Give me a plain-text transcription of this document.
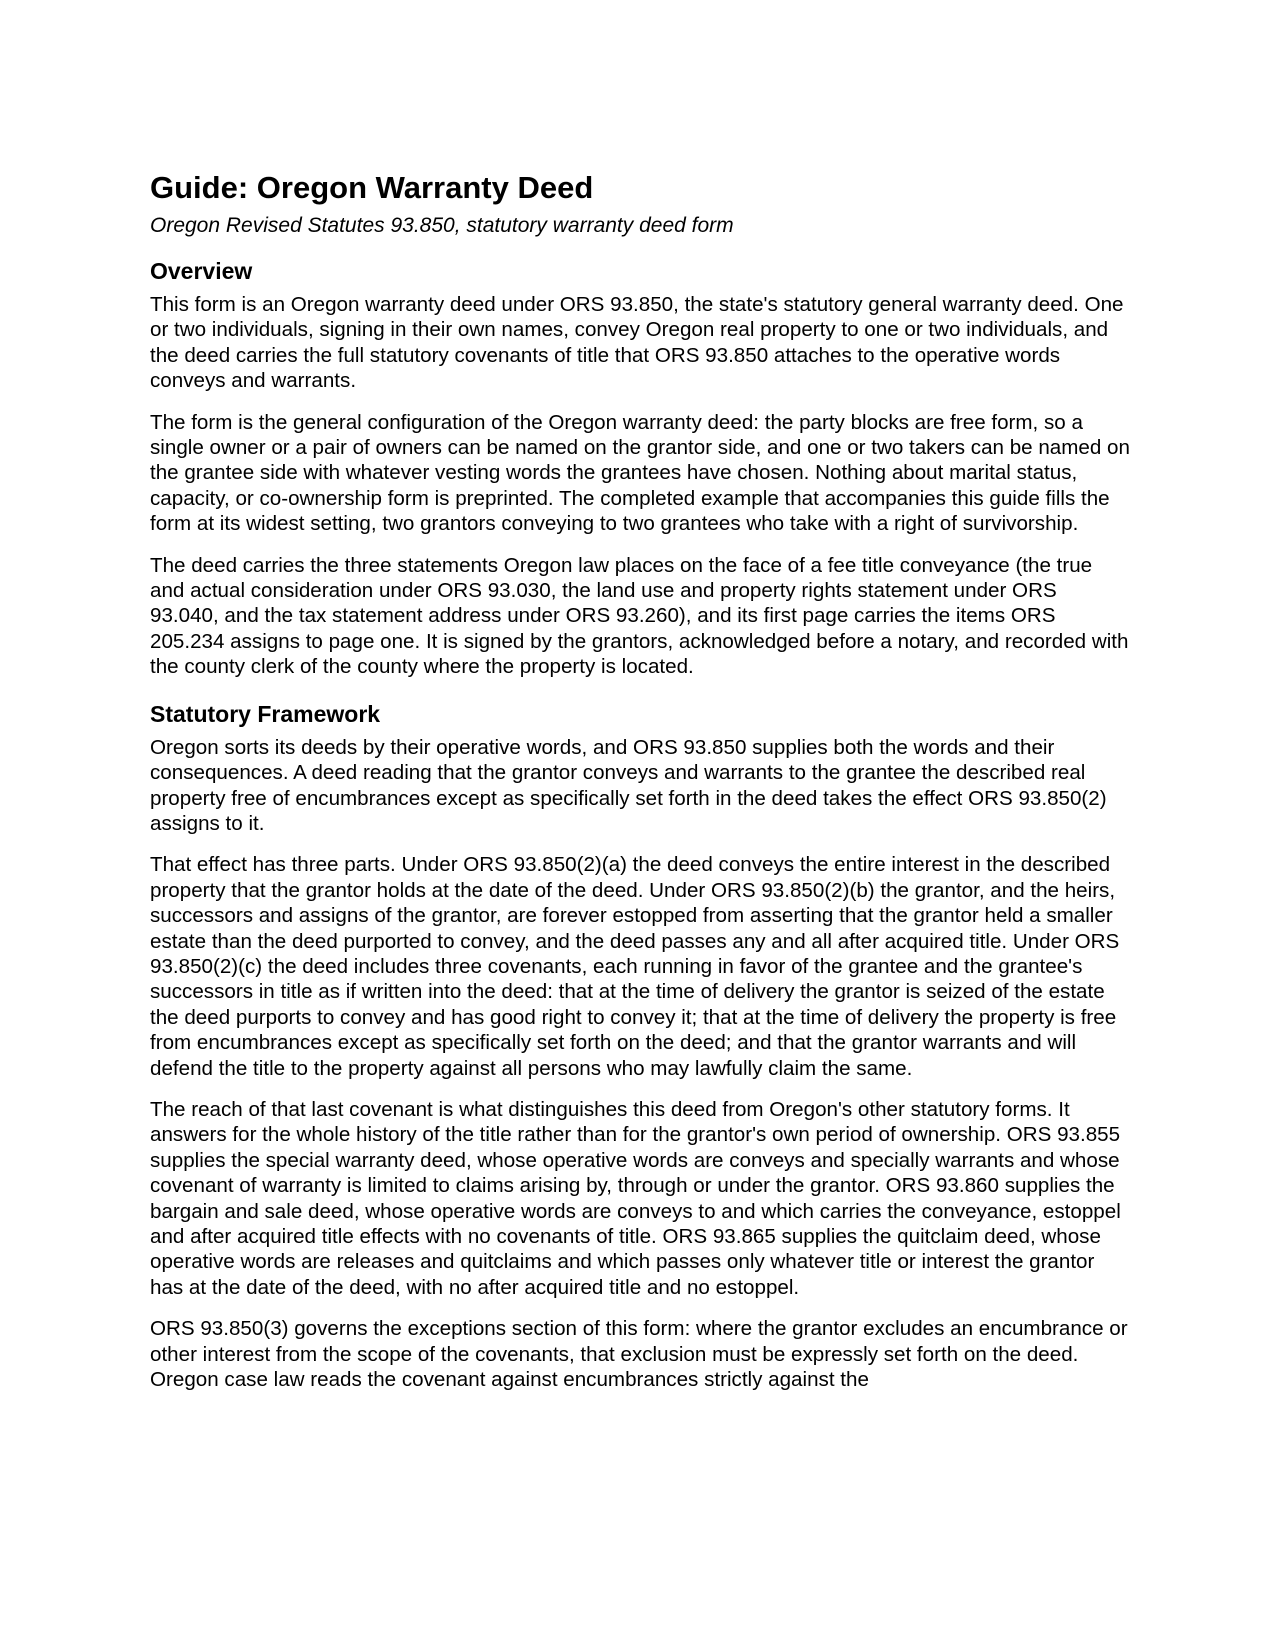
Guide: Oregon Warranty Deed
Oregon Revised Statutes 93.850, statutory warranty deed form
Overview

This form is an Oregon warranty deed under ORS 93.850, the state's statutory general warranty deed. One or two individuals, signing in their own names, convey Oregon real property to one or two individuals, and the deed carries the full statutory covenants of title that ORS 93.850 attaches to the operative words conveys and warrants.

The form is the general configuration of the Oregon warranty deed: the party blocks are free form, so a single owner or a pair of owners can be named on the grantor side, and one or two takers can be named on the grantee side with whatever vesting words the grantees have chosen. Nothing about marital status, capacity, or co-ownership form is preprinted. The completed example that accompanies this guide fills the form at its widest setting, two grantors conveying to two grantees who take with a right of survivorship.

The deed carries the three statements Oregon law places on the face of a fee title conveyance (the true and actual consideration under ORS 93.030, the land use and property rights statement under ORS 93.040, and the tax statement address under ORS 93.260), and its first page carries the items ORS 205.234 assigns to page one. It is signed by the grantors, acknowledged before a notary, and recorded with the county clerk of the county where the property is located.

Statutory Framework

Oregon sorts its deeds by their operative words, and ORS 93.850 supplies both the words and their consequences. A deed reading that the grantor conveys and warrants to the grantee the described real property free of encumbrances except as specifically set forth in the deed takes the effect ORS 93.850(2) assigns to it.

That effect has three parts. Under ORS 93.850(2)(a) the deed conveys the entire interest in the described property that the grantor holds at the date of the deed. Under ORS 93.850(2)(b) the grantor, and the heirs, successors and assigns of the grantor, are forever estopped from asserting that the grantor held a smaller estate than the deed purported to convey, and the deed passes any and all after acquired title. Under ORS 93.850(2)(c) the deed includes three covenants, each running in favor of the grantee and the grantee's successors in title as if written into the deed: that at the time of delivery the grantor is seized of the estate the deed purports to convey and has good right to convey it; that at the time of delivery the property is free from encumbrances except as specifically set forth on the deed; and that the grantor warrants and will defend the title to the property against all persons who may lawfully claim the same.

The reach of that last covenant is what distinguishes this deed from Oregon's other statutory forms. It answers for the whole history of the title rather than for the grantor's own period of ownership. ORS 93.855 supplies the special warranty deed, whose operative words are conveys and specially warrants and whose covenant of warranty is limited to claims arising by, through or under the grantor. ORS 93.860 supplies the bargain and sale deed, whose operative words are conveys to and which carries the conveyance, estoppel and after acquired title effects with no covenants of title. ORS 93.865 supplies the quitclaim deed, whose operative words are releases and quitclaims and which passes only whatever title or interest the grantor has at the date of the deed, with no after acquired title and no estoppel.

ORS 93.850(3) governs the exceptions section of this form: where the grantor excludes an encumbrance or other interest from the scope of the covenants, that exclusion must be expressly set forth on the deed. Oregon case law reads the covenant against encumbrances strictly against the
